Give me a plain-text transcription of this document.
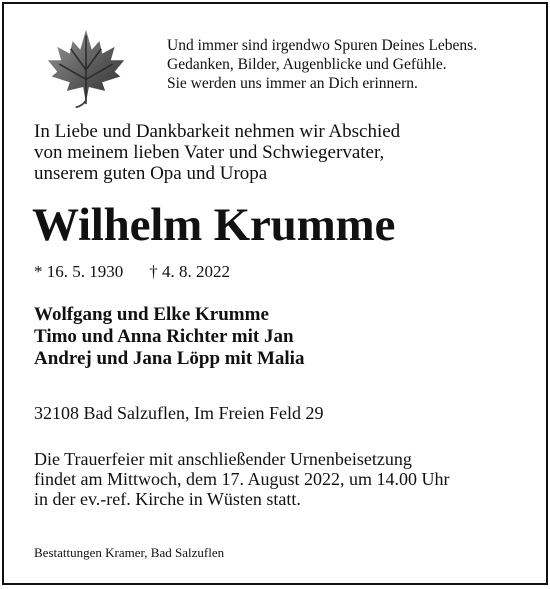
Und immer sind irgendwo Spuren Deines Lebens.
Gedanken, Bilder, Augenblicke und Gefühle.
Sie werden uns immer an Dich erinnern.
In Liebe und Dankbarkeit nehmen wir Abschied
von meinem lieben Vater und Schwiegervater,
unserem guten Opa und Uropa
Wilhelm Krumme
* 16. 5. 1930 † 4. 8. 2022
Wolfgang und Elke Krumme
Timo und Anna Richter mit Jan
Andrej und Jana Löpp mit Malia
32108 Bad Salzuflen, Im Freien Feld 29
Die Trauerfeier mit anschließender Urnenbeisetzung
findet am Mittwoch, dem 17. August 2022, um 14.00 Uhr
in der ev.-ref. Kirche in Wüsten statt.
Bestattungen Kramer, Bad Salzuflen
